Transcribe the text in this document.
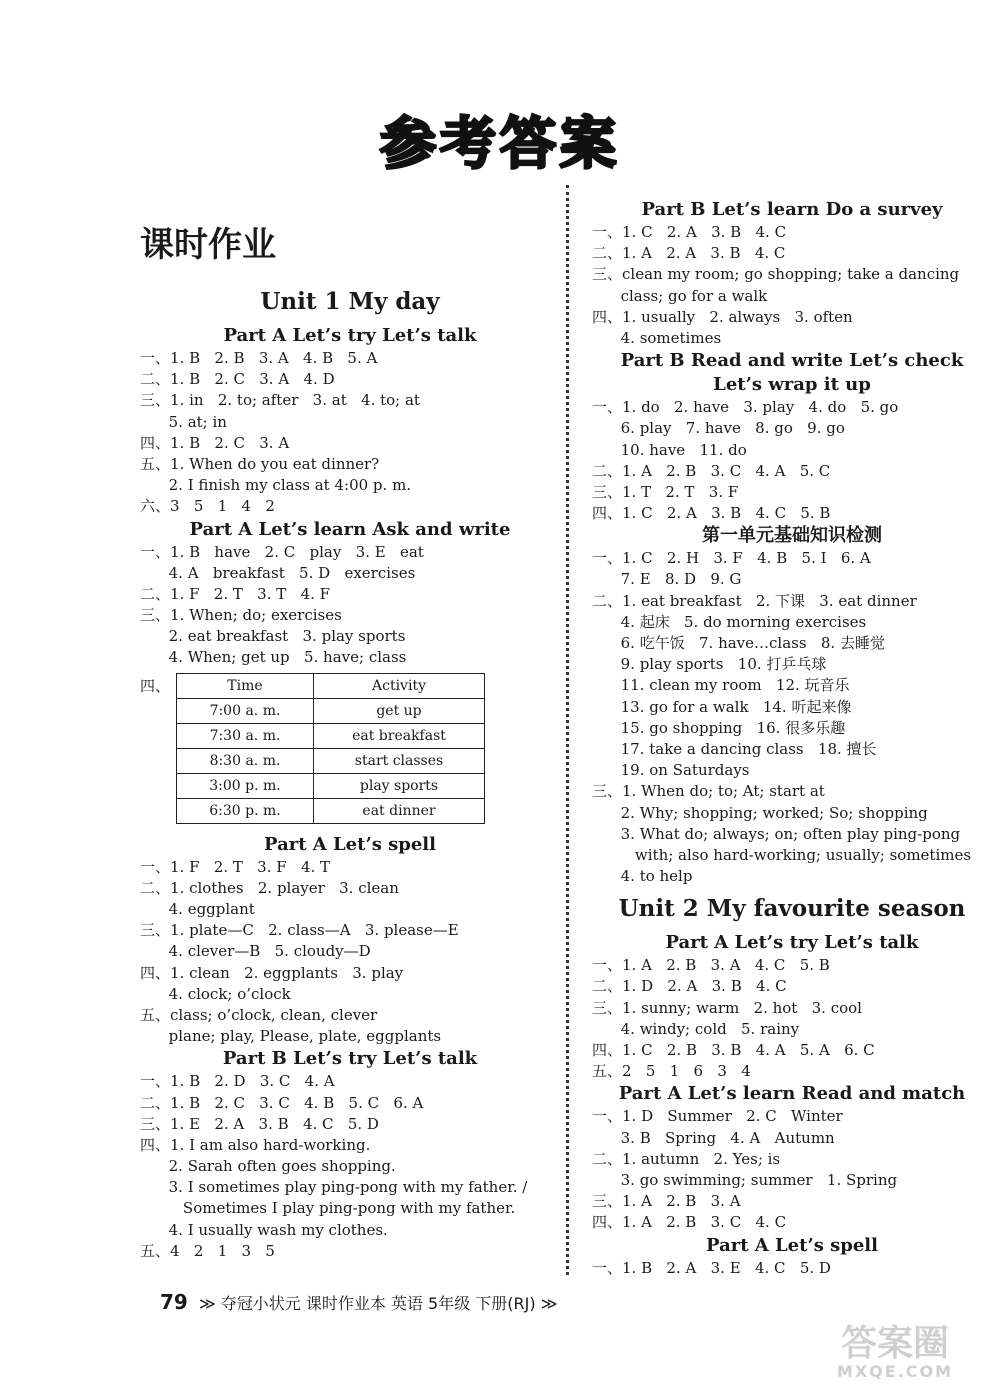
参考答案
课时作业
Unit 1 My day
Part A Let’s try Let’s talk
一、1. B   2. B   3. A   4. B   5. A
二、1. B   2. C   3. A   4. D
三、1. in   2. to; after   3. at   4. to; at
5. at; in
四、1. B   2. C   3. A
五、1. When do you eat dinner?
2. I finish my class at 4:00 p. m.
六、3   5   1   4   2
Part A Let’s learn Ask and write
一、1. B   have   2. C   play   3. E   eat
4. A   breakfast   5. D   exercises
二、1. F   2. T   3. T   4. F
三、1. When; do; exercises
2. eat breakfast   3. play sports
4. When; get up   5. have; class
四、	Time	Activity
7:00 a. m.	get up
7:30 a. m.	eat breakfast
8:30 a. m.	start classes
3:00 p. m.	play sports
6:30 p. m.	eat dinner
Part A Let’s spell
一、1. F   2. T   3. F   4. T
二、1. clothes   2. player   3. clean
4. eggplant
三、1. plate—C   2. class—A   3. please—E
4. clever—B   5. cloudy—D
四、1. clean   2. eggplants   3. play
4. clock; o’clock
五、class; o’clock, clean, clever
plane; play, Please, plate, eggplants
Part B Let’s try Let’s talk
一、1. B   2. D   3. C   4. A
二、1. B   2. C   3. C   4. B   5. C   6. A
三、1. E   2. A   3. B   4. C   5. D
四、1. I am also hard-working.
2. Sarah often goes shopping.
3. I sometimes play ping-pong with my father. /
Sometimes I play ping-pong with my father.
4. I usually wash my clothes.
五、4   2   1   3   5
Part B Let’s learn Do a survey
一、1. C   2. A   3. B   4. C
二、1. A   2. A   3. B   4. C
三、clean my room; go shopping; take a dancing
class; go for a walk
四、1. usually   2. always   3. often
4. sometimes
Part B Read and write Let’s check
Let’s wrap it up
一、1. do   2. have   3. play   4. do   5. go
6. play   7. have   8. go   9. go
10. have   11. do
二、1. A   2. B   3. C   4. A   5. C
三、1. T   2. T   3. F
四、1. C   2. A   3. B   4. C   5. B
第一单元基础知识检测
一、1. C   2. H   3. F   4. B   5. I   6. A
7. E   8. D   9. G
二、1. eat breakfast   2. 下课   3. eat dinner
4. 起床   5. do morning exercises
6. 吃午饭   7. have…class   8. 去睡觉
9. play sports   10. 打乒乓球
11. clean my room   12. 玩音乐
13. go for a walk   14. 听起来像
15. go shopping   16. 很多乐趣
17. take a dancing class   18. 擅长
19. on Saturdays
三、1. When do; to; At; start at
2. Why; shopping; worked; So; shopping
3. What do; always; on; often play ping-pong
with; also hard-working; usually; sometimes
4. to help
Unit 2 My favourite season
Part A Let’s try Let’s talk
一、1. A   2. B   3. A   4. C   5. B
二、1. D   2. A   3. B   4. C
三、1. sunny; warm   2. hot   3. cool
4. windy; cold   5. rainy
四、1. C   2. B   3. B   4. A   5. A   6. C
五、2   5   1   6   3   4
Part A Let’s learn Read and match
一、1. D   Summer   2. C   Winter
3. B   Spring   4. A   Autumn
二、1. autumn   2. Yes; is
3. go swimming; summer   1. Spring
三、1. A   2. B   3. A
四、1. A   2. B   3. C   4. C
Part A Let’s spell
一、1. B   2. A   3. E   4. C   5. D
79 ≫ 夺冠小状元 课时作业本 英语 5年级 下册(RJ) ≫
答案圈
MXQE.COM
